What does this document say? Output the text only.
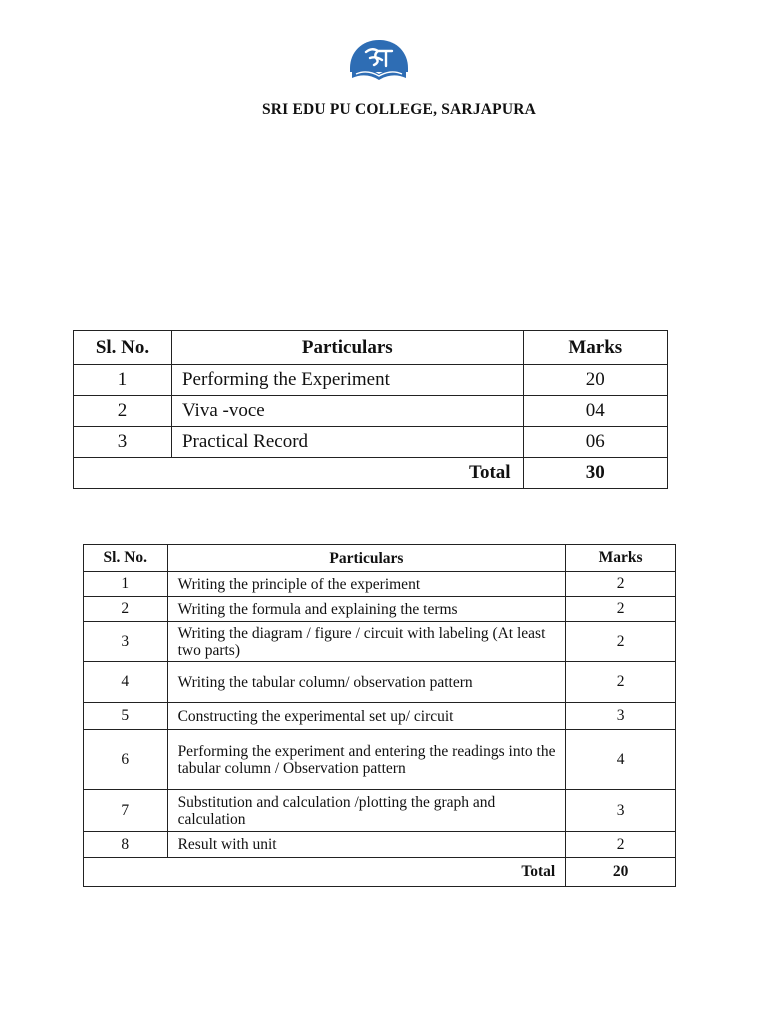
SRI EDU PU COLLEGE, SARJAPURA
Sl. No.	Particulars	Marks
1	Performing the Experiment	20
2	Viva -voce	04
3	Practical Record	06
Total		30
Sl. No.	Particulars	Marks
1	Writing the principle of the experiment	2
2	Writing the formula and explaining the terms	2
3	Writing the diagram / figure / circuit with labeling (At least two parts)	2
4	Writing the tabular column/ observation pattern	2
5	Constructing the experimental set up/ circuit	3
6	Performing the experiment and entering the readings into the tabular column / Observation pattern	4
7	Substitution and calculation /plotting the graph and calculation	3
8	Result with unit	2
Total		20
